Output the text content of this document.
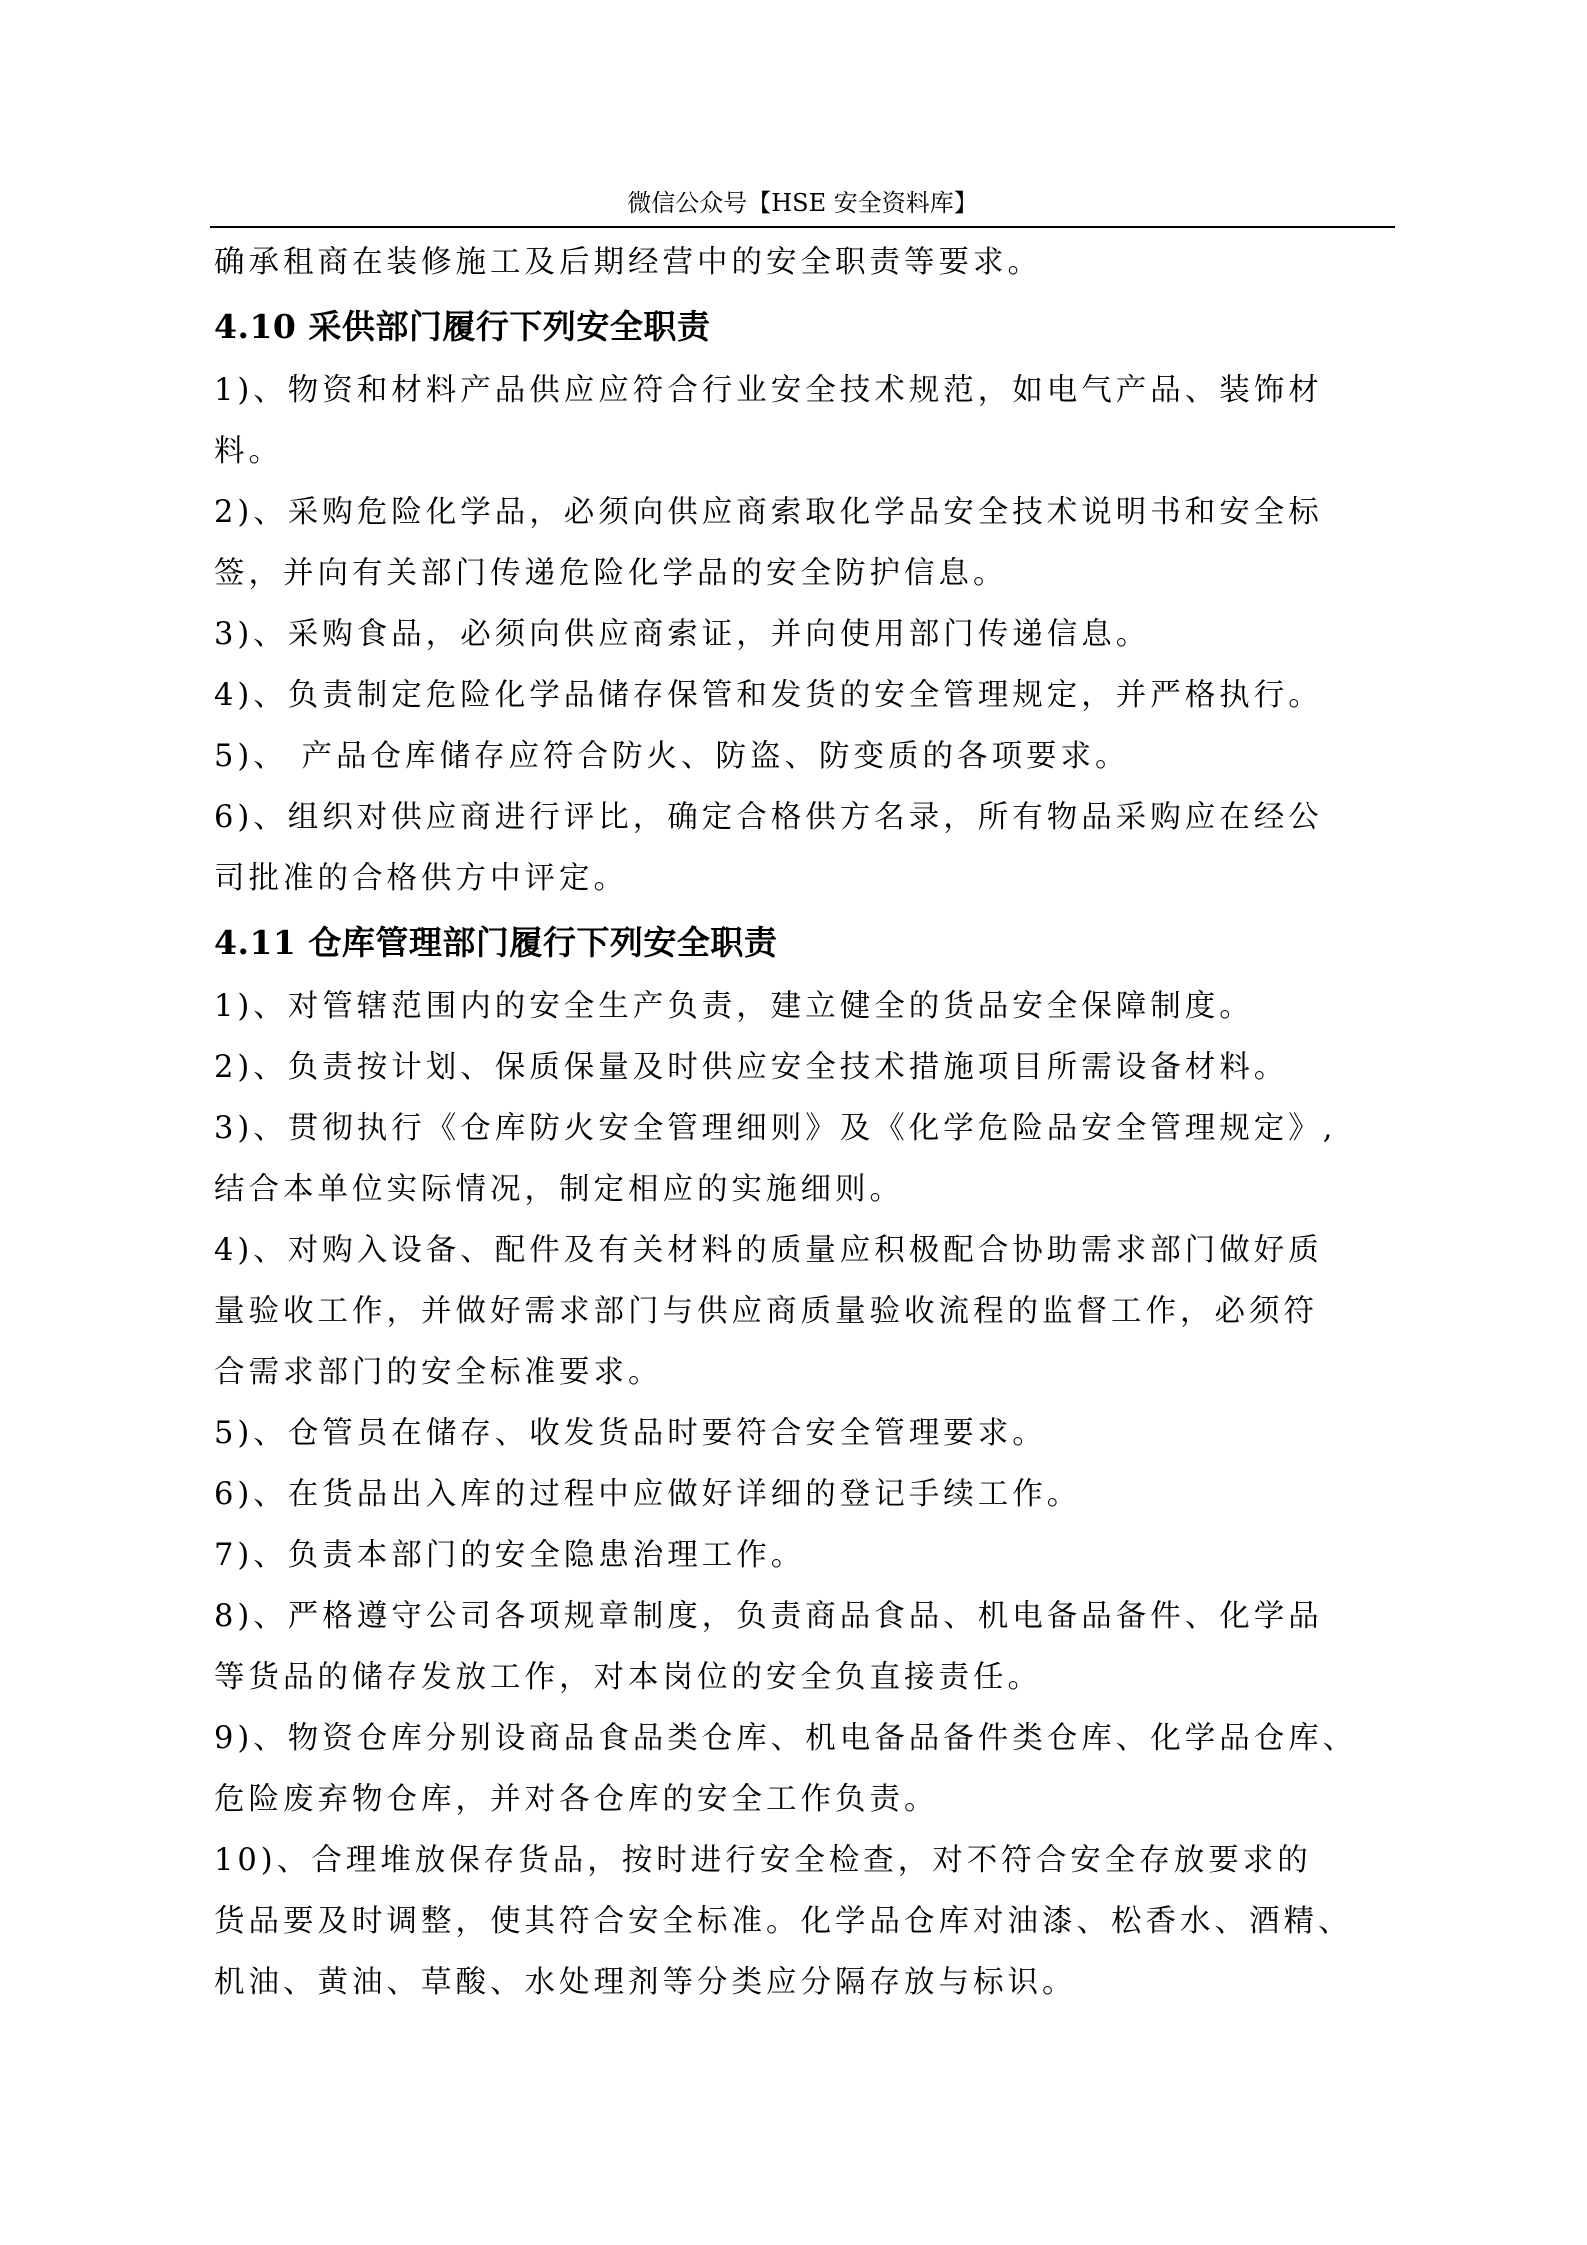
微信公众号【HSE 安全资料库】
确承租商在装修施工及后期经营中的安全职责等要求。
4.10 采供部门履行下列安全职责
1)、物资和材料产品供应应符合行业安全技术规范，如电气产品、装饰材
料。
2)、采购危险化学品，必须向供应商索取化学品安全技术说明书和安全标
签，并向有关部门传递危险化学品的安全防护信息。
3)、采购食品，必须向供应商索证，并向使用部门传递信息。
4)、负责制定危险化学品储存保管和发货的安全管理规定，并严格执行。
5)、 产品仓库储存应符合防火、防盗、防变质的各项要求。
6)、组织对供应商进行评比，确定合格供方名录，所有物品采购应在经公
司批准的合格供方中评定。
4.11 仓库管理部门履行下列安全职责
1)、对管辖范围内的安全生产负责，建立健全的货品安全保障制度。
2)、负责按计划、保质保量及时供应安全技术措施项目所需设备材料。
3)、贯彻执行《仓库防火安全管理细则》及《化学危险品安全管理规定》,
结合本单位实际情况，制定相应的实施细则。
4)、对购入设备、配件及有关材料的质量应积极配合协助需求部门做好质
量验收工作，并做好需求部门与供应商质量验收流程的监督工作，必须符
合需求部门的安全标准要求。
5)、仓管员在储存、收发货品时要符合安全管理要求。
6)、在货品出入库的过程中应做好详细的登记手续工作。
7)、负责本部门的安全隐患治理工作。
8)、严格遵守公司各项规章制度，负责商品食品、机电备品备件、化学品
等货品的储存发放工作，对本岗位的安全负直接责任。
9)、物资仓库分别设商品食品类仓库、机电备品备件类仓库、化学品仓库、
危险废弃物仓库，并对各仓库的安全工作负责。
10)、合理堆放保存货品，按时进行安全检查，对不符合安全存放要求的
货品要及时调整，使其符合安全标准。化学品仓库对油漆、松香水、酒精、
机油、黄油、草酸、水处理剂等分类应分隔存放与标识。
